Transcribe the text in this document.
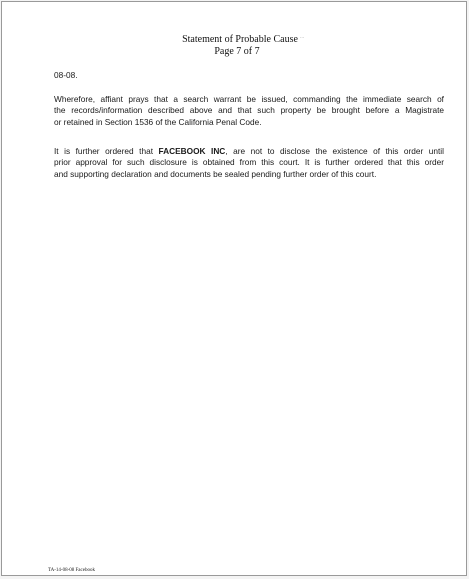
Statement of Probable Cause
Page 7 of 7
...
08-08.
Wherefore, affiant prays that a search warrant be issued, commanding the immediate search of
the records/information described above and that such property be brought before a Magistrate
or retained in Section 1536 of the California Penal Code.
It is further ordered that FACEBOOK INC, are not to disclose the existence of this order until
prior approval for such disclosure is obtained from this court. It is further ordered that this order
and supporting declaration and documents be sealed pending further order of this court.
TA-14-08-08 Facebook
